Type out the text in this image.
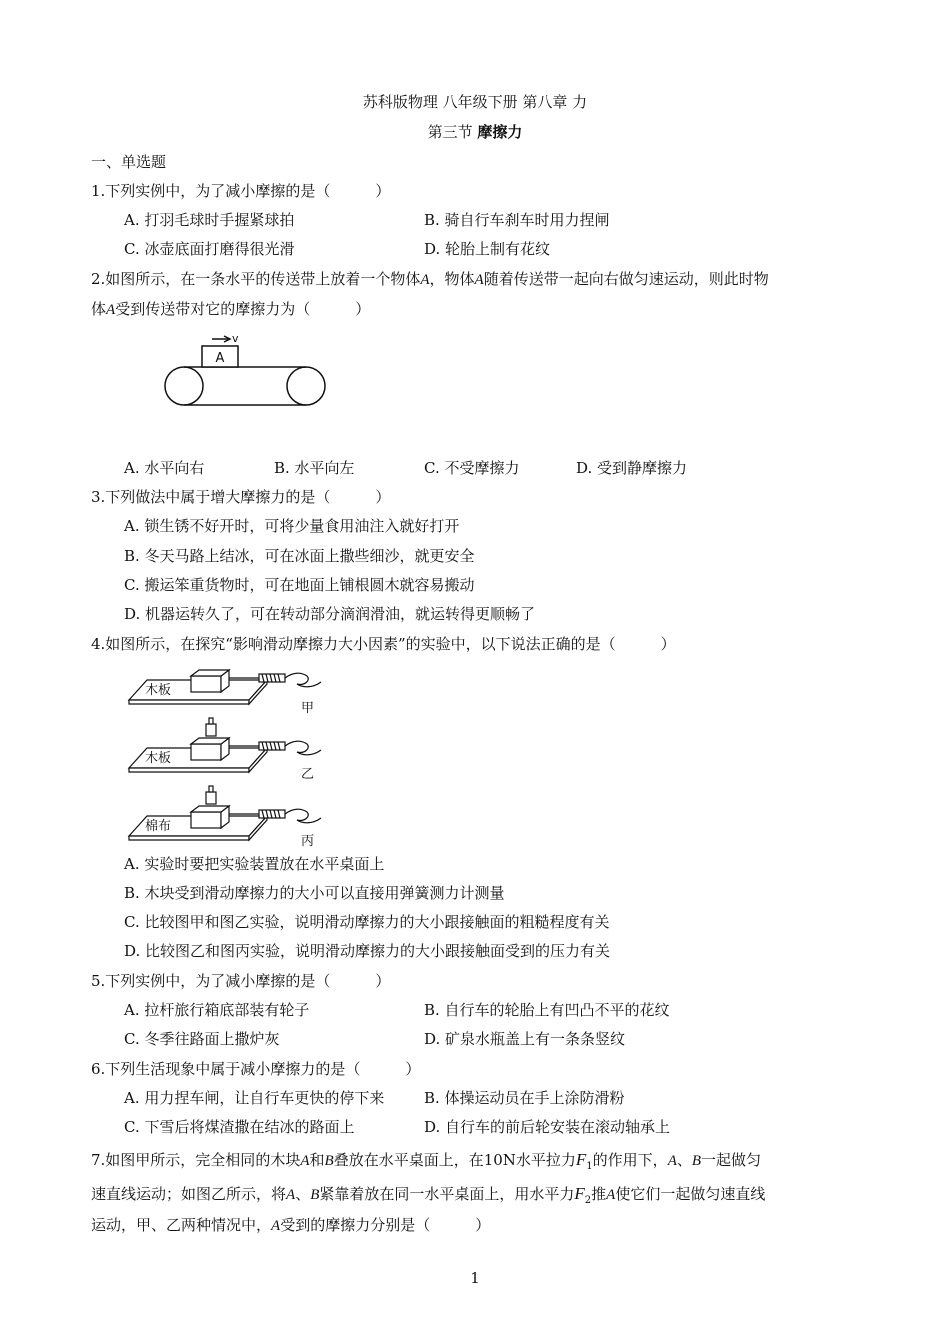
苏科版物理 八年级下册 第八章 力
第三节 摩擦力
一、单选题
1.下列实例中，为了减小摩擦的是（　　　）
A. 打羽毛球时手握紧球拍	B. 骑自行车刹车时用力捏闸
C. 冰壶底面打磨得很光滑	D. 轮胎上制有花纹
2.如图所示，在一条水平的传送带上放着一个物体A，物体A随着传送带一起向右做匀速运动，则此时物
体A受到传送带对它的摩擦力为（　　　）
A
v
A. 水平向右	B. 水平向左	C. 不受摩擦力	D. 受到静摩擦力
3.下列做法中属于增大摩擦力的是（　　　）
A. 锁生锈不好开时，可将少量食用油注入就好打开
B. 冬天马路上结冰，可在冰面上撒些细沙，就更安全
C. 搬运笨重货物时，可在地面上铺根圆木就容易搬动
D. 机器运转久了，可在转动部分滴润滑油，就运转得更顺畅了
4.如图所示，在探究“影响滑动摩擦力大小因素”的实验中，以下说法正确的是（　　　）
木板
甲
木板
乙
棉布
丙
A. 实验时要把实验装置放在水平桌面上
B. 木块受到滑动摩擦力的大小可以直接用弹簧测力计测量
C. 比较图甲和图乙实验，说明滑动摩擦力的大小跟接触面的粗糙程度有关
D. 比较图乙和图丙实验，说明滑动摩擦力的大小跟接触面受到的压力有关
5.下列实例中，为了减小摩擦的是（　　　）
A. 拉杆旅行箱底部装有轮子	B. 自行车的轮胎上有凹凸不平的花纹
C. 冬季往路面上撒炉灰	D. 矿泉水瓶盖上有一条条竖纹
6.下列生活现象中属于减小摩擦力的是（　　　）
A. 用力捏车闸，让自行车更快的停下来	B. 体操运动员在手上涂防滑粉
C. 下雪后将煤渣撒在结冰的路面上	D. 自行车的前后轮安装在滚动轴承上
7.如图甲所示，完全相同的木块A和B叠放在水平桌面上，在10N水平拉力$F_1$的作用下，A、B一起做匀
速直线运动；如图乙所示，将A、B紧靠着放在同一水平桌面上，用水平力$F_2$推A使它们一起做匀速直线
运动，甲、乙两种情况中，A受到的摩擦力分别是（　　　）
1
